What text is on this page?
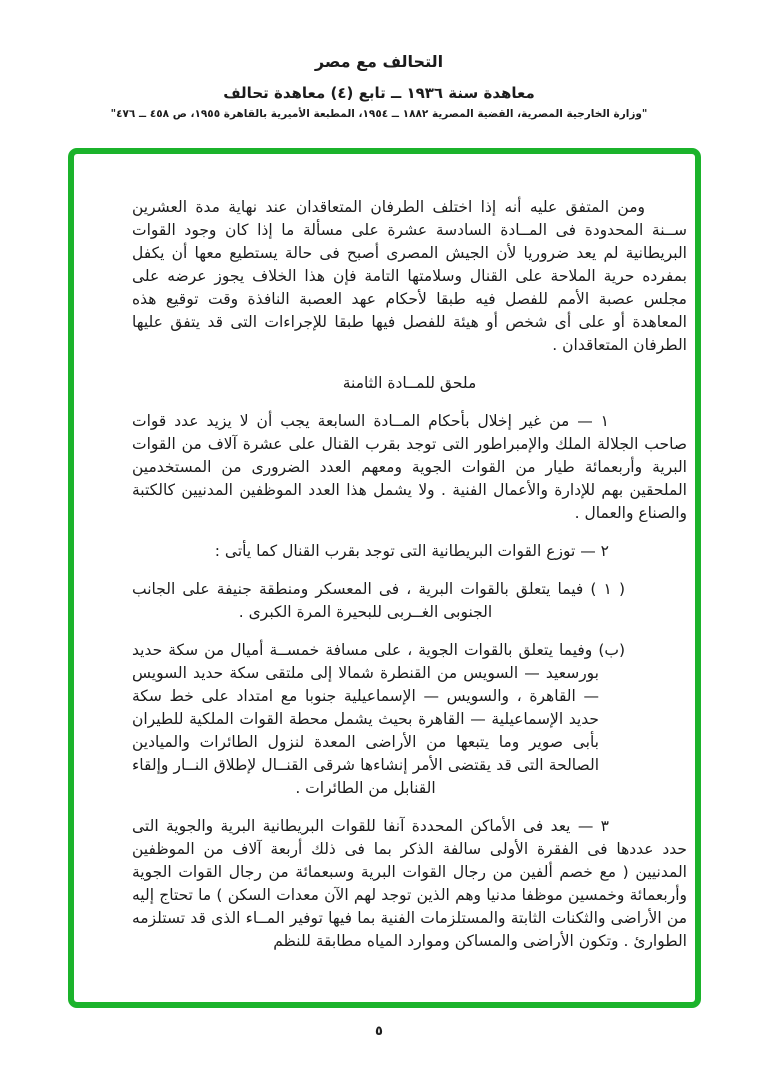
التحالف مع مصر
معاهدة سنة ١٩٣٦ ــ تابع (٤) معاهدة تحالف
"وزارة الخارجية المصرية، القضية المصرية ١٨٨٢ ــ ١٩٥٤، المطبعة الأميرية بالقاهرة ١٩٥٥، ص ٤٥٨ ــ ٤٧٦"

ومن المتفق عليه أنه إذا اختلف الطرفان المتعاقدان عند نهاية مدة العشرين ســنة المحدودة فى المــادة السادسة عشرة على مسألة ما إذا كان وجود القوات البريطانية لم يعد ضروريا لأن الجيش المصرى أصبح فى حالة يستطيع معها أن يكفل بمفرده حرية الملاحة على القنال وسلامتها التامة فإن هذا الخلاف يجوز عرضه على مجلس عصبة الأمم للفصل فيه طبقا لأحكام عهد العصبة النافذة وقت توقيع هذه المعاهدة أو على أى شخص أو هيئة للفصل فيها طبقا للإجراءات التى قد يتفق عليها الطرفان المتعاقدان .

ملحق للمــادة الثامنة

١ — من غير إخلال بأحكام المــادة السابعة يجب أن لا يزيد عدد قوات صاحب الجلالة الملك والإمبراطور التى توجد بقرب القنال على عشرة آلاف من القوات البرية وأربعمائة طيار من القوات الجوية ومعهم العدد الضرورى من المستخدمين الملحقين بهم للإدارة والأعمال الفنية . ولا يشمل هذا العدد الموظفين المدنيين كالكتبة والصناع والعمال .

٢ — توزع القوات البريطانية التى توجد بقرب القنال كما يأتى :

( ١ ) فيما يتعلق بالقوات البرية ، فى المعسكر ومنطقة جنيفة على الجانب الجنوبى الغــربى للبحيرة المرة الكبرى .

(ب) وفيما يتعلق بالقوات الجوية ، على مسافة خمســة أميال من سكة حديد بورسعيد — السويس من القنطرة شمالا إلى ملتقى سكة حديد السويس — القاهرة ، والسويس — الإسماعيلية جنوبا مع امتداد على خط سكة حديد الإسماعيلية — القاهرة بحيث يشمل محطة القوات الملكية للطيران بأبى صوير وما يتبعها من الأراضى المعدة لنزول الطائرات والميادين الصالحة التى قد يقتضى الأمر إنشاءها شرقى القنــال لإطلاق النــار وإلقاء القنابل من الطائرات .

٣ — يعد فى الأماكن المحددة آنفا للقوات البريطانية البرية والجوية التى حدد عددها فى الفقرة الأولى سالفة الذكر بما فى ذلك أربعة آلاف من الموظفين المدنيين ( مع خصم ألفين من رجال القوات البرية وسبعمائة من رجال القوات الجوية وأربعمائة وخمسين موظفا مدنيا وهم الذين توجد لهم الآن معدات السكن ) ما تحتاج إليه من الأراضى والثكنات الثابتة والمستلزمات الفنية بما فيها توفير المــاء الذى قد تستلزمه الطوارئ . وتكون الأراضى والمساكن وموارد المياه مطابقة للنظم

٥
